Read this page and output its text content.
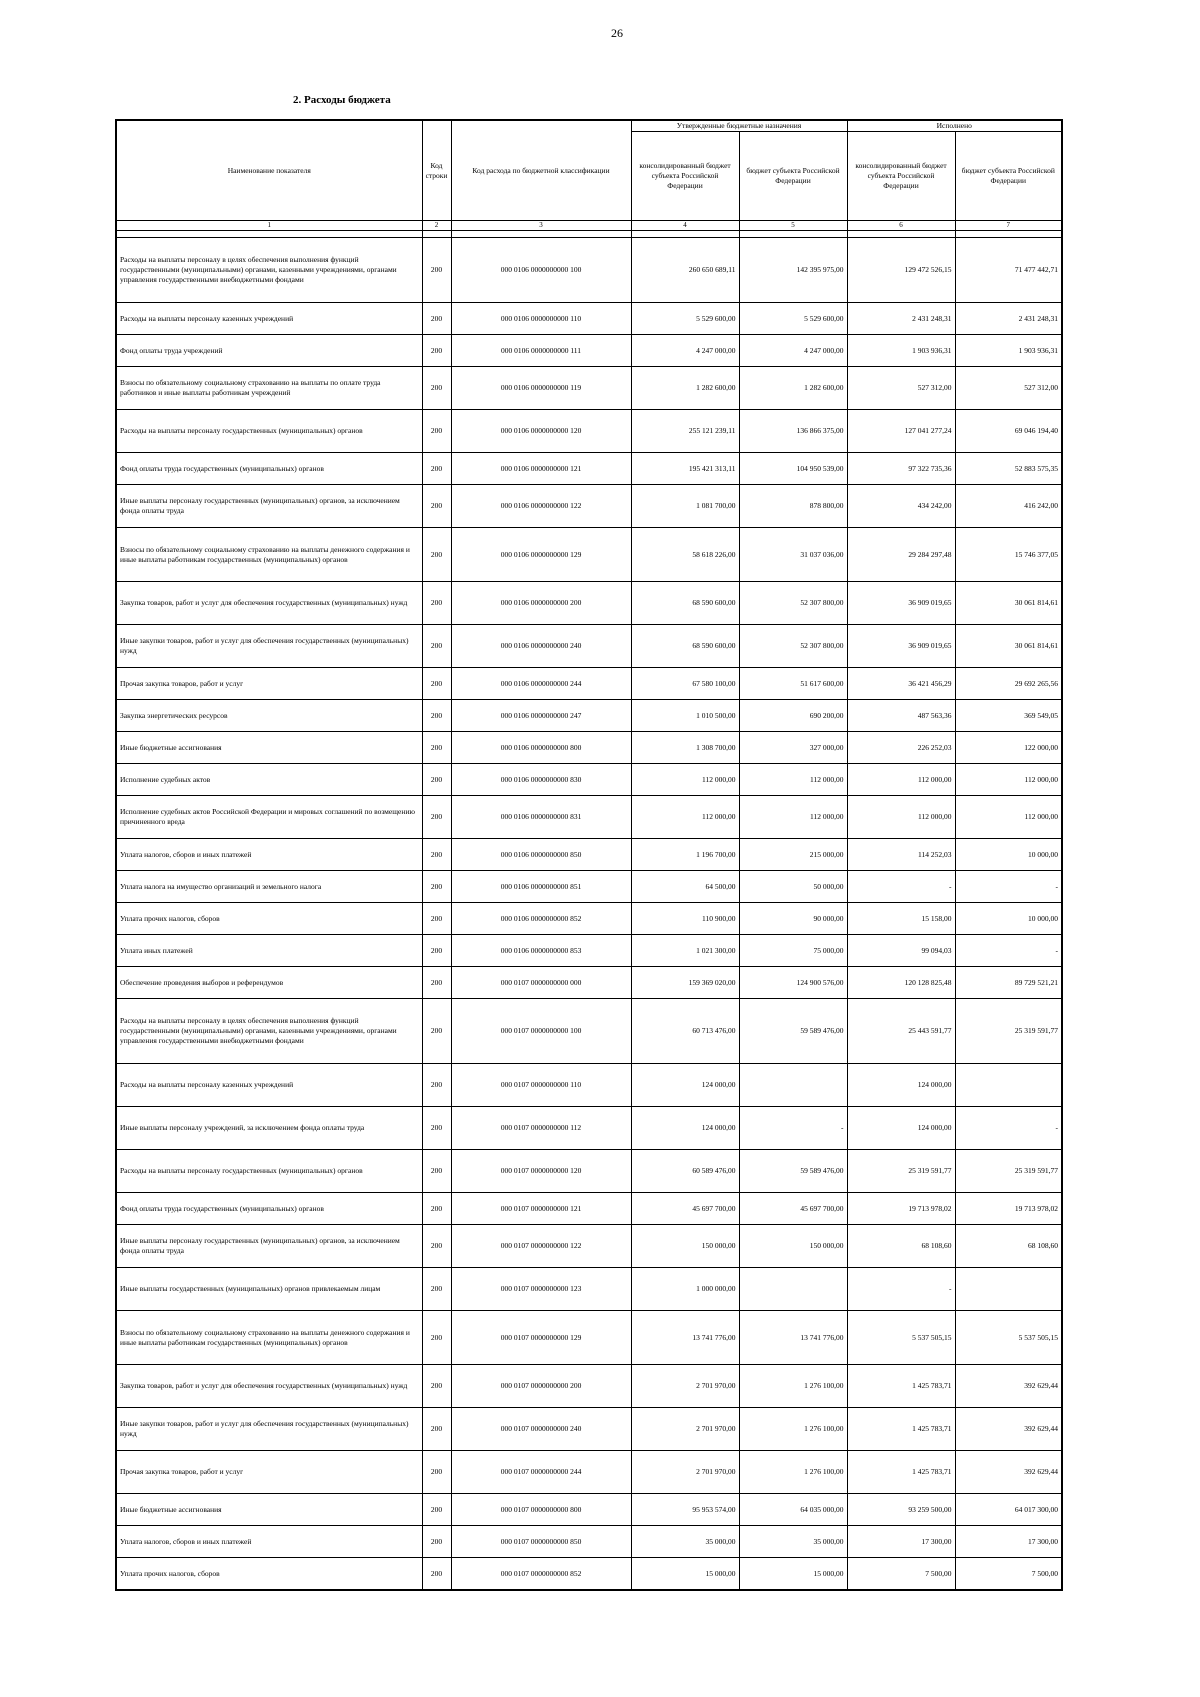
26
2. Расходы бюджета
Наименование показателя	Код строки	Код расхода по бюджетной классификации	Утвержденные бюджетные назначения		Исполнено	
			консолидированный бюджет субъекта Российской Федерации	бюджет субъекта Российской Федерации	консолидированный бюджет субъекта Российской Федерации	бюджет субъекта Российской Федерации
1	2	3	4	5	6	7

Расходы на выплаты персоналу в целях обеспечения выполнения функций государственными (муниципальными) органами, казенными учреждениями, органами управления государственными внебюджетными фондами	200	000 0106 0000000000 100	260 650 689,11	142 395 975,00	129 472 526,15	71 477 442,71
Расходы на выплаты персоналу казенных учреждений	200	000 0106 0000000000 110	5 529 600,00	5 529 600,00	2 431 248,31	2 431 248,31
Фонд оплаты труда учреждений	200	000 0106 0000000000 111	4 247 000,00	4 247 000,00	1 903 936,31	1 903 936,31
Взносы по обязательному социальному страхованию на выплаты по оплате труда работников и иные выплаты работникам учреждений	200	000 0106 0000000000 119	1 282 600,00	1 282 600,00	527 312,00	527 312,00
Расходы на выплаты персоналу государственных (муниципальных) органов	200	000 0106 0000000000 120	255 121 239,11	136 866 375,00	127 041 277,24	69 046 194,40
Фонд оплаты труда государственных (муниципальных) органов	200	000 0106 0000000000 121	195 421 313,11	104 950 539,00	97 322 735,36	52 883 575,35
Иные выплаты персоналу государственных (муниципальных) органов, за исключением фонда оплаты труда	200	000 0106 0000000000 122	1 081 700,00	878 800,00	434 242,00	416 242,00
Взносы по обязательному социальному страхованию на выплаты денежного содержания и иные выплаты работникам государственных (муниципальных) органов	200	000 0106 0000000000 129	58 618 226,00	31 037 036,00	29 284 297,48	15 746 377,05
Закупка товаров, работ и услуг для обеспечения государственных (муниципальных) нужд	200	000 0106 0000000000 200	68 590 600,00	52 307 800,00	36 909 019,65	30 061 814,61
Иные закупки товаров, работ и услуг для обеспечения государственных (муниципальных) нужд	200	000 0106 0000000000 240	68 590 600,00	52 307 800,00	36 909 019,65	30 061 814,61
Прочая закупка товаров, работ и услуг	200	000 0106 0000000000 244	67 580 100,00	51 617 600,00	36 421 456,29	29 692 265,56
Закупка энергетических ресурсов	200	000 0106 0000000000 247	1 010 500,00	690 200,00	487 563,36	369 549,05
Иные бюджетные ассигнования	200	000 0106 0000000000 800	1 308 700,00	327 000,00	226 252,03	122 000,00
Исполнение судебных актов	200	000 0106 0000000000 830	112 000,00	112 000,00	112 000,00	112 000,00
Исполнение судебных актов Российской Федерации и мировых соглашений по возмещению причиненного вреда	200	000 0106 0000000000 831	112 000,00	112 000,00	112 000,00	112 000,00
Уплата налогов, сборов и иных платежей	200	000 0106 0000000000 850	1 196 700,00	215 000,00	114 252,03	10 000,00
Уплата налога на имущество организаций и земельного налога	200	000 0106 0000000000 851	64 500,00	50 000,00	-	-
Уплата прочих налогов, сборов	200	000 0106 0000000000 852	110 900,00	90 000,00	15 158,00	10 000,00
Уплата иных платежей	200	000 0106 0000000000 853	1 021 300,00	75 000,00	99 094,03	-
Обеспечение проведения выборов и референдумов	200	000 0107 0000000000 000	159 369 020,00	124 900 576,00	120 128 825,48	89 729 521,21
Расходы на выплаты персоналу в целях обеспечения выполнения функций государственными (муниципальными) органами, казенными учреждениями, органами управления государственными внебюджетными фондами	200	000 0107 0000000000 100	60 713 476,00	59 589 476,00	25 443 591,77	25 319 591,77
Расходы на выплаты персоналу казенных учреждений	200	000 0107 0000000000 110	124 000,00		124 000,00	
Иные выплаты персоналу учреждений, за исключением фонда оплаты труда	200	000 0107 0000000000 112	124 000,00	-	124 000,00	-
Расходы на выплаты персоналу государственных (муниципальных) органов	200	000 0107 0000000000 120	60 589 476,00	59 589 476,00	25 319 591,77	25 319 591,77
Фонд оплаты труда государственных (муниципальных) органов	200	000 0107 0000000000 121	45 697 700,00	45 697 700,00	19 713 978,02	19 713 978,02
Иные выплаты персоналу государственных (муниципальных) органов, за исключением фонда оплаты труда	200	000 0107 0000000000 122	150 000,00	150 000,00	68 108,60	68 108,60
Иные выплаты государственных (муниципальных) органов привлекаемым лицам	200	000 0107 0000000000 123	1 000 000,00		-	
Взносы по обязательному социальному страхованию на выплаты денежного содержания и иные выплаты работникам государственных (муниципальных) органов	200	000 0107 0000000000 129	13 741 776,00	13 741 776,00	5 537 505,15	5 537 505,15
Закупка товаров, работ и услуг для обеспечения государственных (муниципальных) нужд	200	000 0107 0000000000 200	2 701 970,00	1 276 100,00	1 425 783,71	392 629,44
Иные закупки товаров, работ и услуг для обеспечения государственных (муниципальных) нужд	200	000 0107 0000000000 240	2 701 970,00	1 276 100,00	1 425 783,71	392 629,44
Прочая закупка товаров, работ и услуг	200	000 0107 0000000000 244	2 701 970,00	1 276 100,00	1 425 783,71	392 629,44
Иные бюджетные ассигнования	200	000 0107 0000000000 800	95 953 574,00	64 035 000,00	93 259 500,00	64 017 300,00
Уплата налогов, сборов и иных платежей	200	000 0107 0000000000 850	35 000,00	35 000,00	17 300,00	17 300,00
Уплата прочих налогов, сборов	200	000 0107 0000000000 852	15 000,00	15 000,00	7 500,00	7 500,00
